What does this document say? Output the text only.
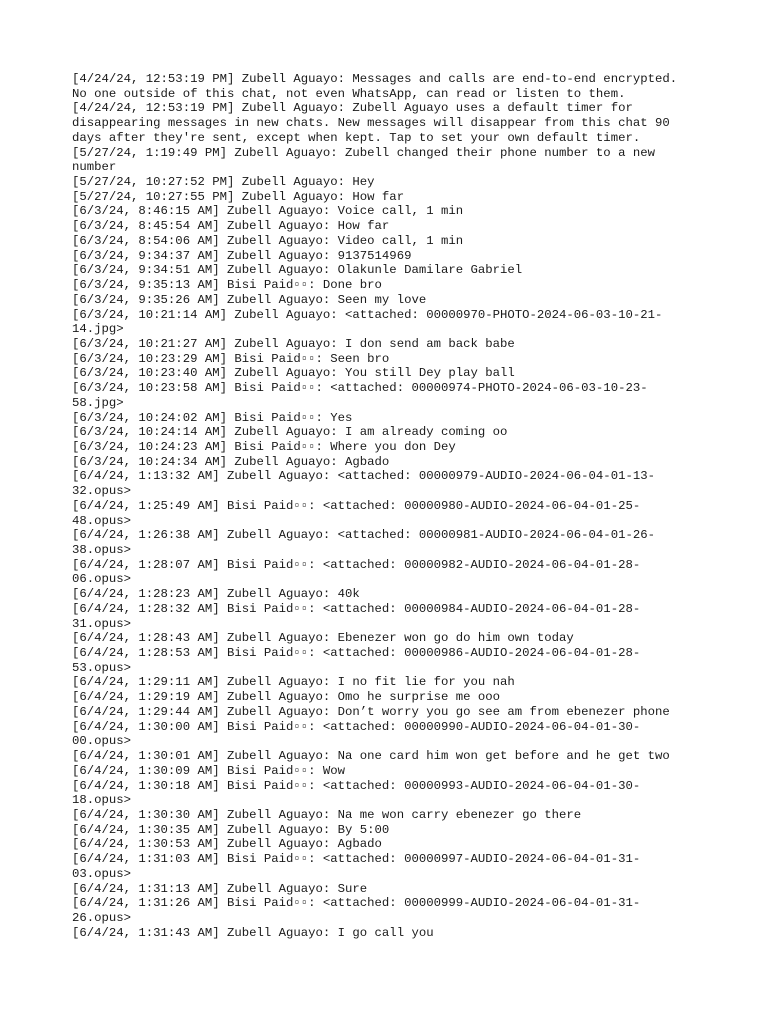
[4/24/24, 12:53:19 PM] Zubell Aguayo: Messages and calls are end-to-end encrypted.
No one outside of this chat, not even WhatsApp, can read or listen to them.
[4/24/24, 12:53:19 PM] Zubell Aguayo: Zubell Aguayo uses a default timer for
disappearing messages in new chats. New messages will disappear from this chat 90
days after they're sent, except when kept. Tap to set your own default timer.
[5/27/24, 1:19:49 PM] Zubell Aguayo: Zubell changed their phone number to a new
number
[5/27/24, 10:27:52 PM] Zubell Aguayo: Hey
[5/27/24, 10:27:55 PM] Zubell Aguayo: How far
[6/3/24, 8:46:15 AM] Zubell Aguayo: Voice call, 1 min
[6/3/24, 8:45:54 AM] Zubell Aguayo: How far
[6/3/24, 8:54:06 AM] Zubell Aguayo: Video call, 1 min
[6/3/24, 9:34:37 AM] Zubell Aguayo: 9137514969
[6/3/24, 9:34:51 AM] Zubell Aguayo: Olakunle Damilare Gabriel
[6/3/24, 9:35:13 AM] Bisi Paid▫▫: Done bro
[6/3/24, 9:35:26 AM] Zubell Aguayo: Seen my love
[6/3/24, 10:21:14 AM] Zubell Aguayo: <attached: 00000970-PHOTO-2024-06-03-10-21-
14.jpg>
[6/3/24, 10:21:27 AM] Zubell Aguayo: I don send am back babe
[6/3/24, 10:23:29 AM] Bisi Paid▫▫: Seen bro
[6/3/24, 10:23:40 AM] Zubell Aguayo: You still Dey play ball
[6/3/24, 10:23:58 AM] Bisi Paid▫▫: <attached: 00000974-PHOTO-2024-06-03-10-23-
58.jpg>
[6/3/24, 10:24:02 AM] Bisi Paid▫▫: Yes
[6/3/24, 10:24:14 AM] Zubell Aguayo: I am already coming oo
[6/3/24, 10:24:23 AM] Bisi Paid▫▫: Where you don Dey
[6/3/24, 10:24:34 AM] Zubell Aguayo: Agbado
[6/4/24, 1:13:32 AM] Zubell Aguayo: <attached: 00000979-AUDIO-2024-06-04-01-13-
32.opus>
[6/4/24, 1:25:49 AM] Bisi Paid▫▫: <attached: 00000980-AUDIO-2024-06-04-01-25-
48.opus>
[6/4/24, 1:26:38 AM] Zubell Aguayo: <attached: 00000981-AUDIO-2024-06-04-01-26-
38.opus>
[6/4/24, 1:28:07 AM] Bisi Paid▫▫: <attached: 00000982-AUDIO-2024-06-04-01-28-
06.opus>
[6/4/24, 1:28:23 AM] Zubell Aguayo: 40k
[6/4/24, 1:28:32 AM] Bisi Paid▫▫: <attached: 00000984-AUDIO-2024-06-04-01-28-
31.opus>
[6/4/24, 1:28:43 AM] Zubell Aguayo: Ebenezer won go do him own today
[6/4/24, 1:28:53 AM] Bisi Paid▫▫: <attached: 00000986-AUDIO-2024-06-04-01-28-
53.opus>
[6/4/24, 1:29:11 AM] Zubell Aguayo: I no fit lie for you nah
[6/4/24, 1:29:19 AM] Zubell Aguayo: Omo he surprise me ooo
[6/4/24, 1:29:44 AM] Zubell Aguayo: Don’t worry you go see am from ebenezer phone
[6/4/24, 1:30:00 AM] Bisi Paid▫▫: <attached: 00000990-AUDIO-2024-06-04-01-30-
00.opus>
[6/4/24, 1:30:01 AM] Zubell Aguayo: Na one card him won get before and he get two
[6/4/24, 1:30:09 AM] Bisi Paid▫▫: Wow
[6/4/24, 1:30:18 AM] Bisi Paid▫▫: <attached: 00000993-AUDIO-2024-06-04-01-30-
18.opus>
[6/4/24, 1:30:30 AM] Zubell Aguayo: Na me won carry ebenezer go there
[6/4/24, 1:30:35 AM] Zubell Aguayo: By 5:00
[6/4/24, 1:30:53 AM] Zubell Aguayo: Agbado
[6/4/24, 1:31:03 AM] Bisi Paid▫▫: <attached: 00000997-AUDIO-2024-06-04-01-31-
03.opus>
[6/4/24, 1:31:13 AM] Zubell Aguayo: Sure
[6/4/24, 1:31:26 AM] Bisi Paid▫▫: <attached: 00000999-AUDIO-2024-06-04-01-31-
26.opus>
[6/4/24, 1:31:43 AM] Zubell Aguayo: I go call you
